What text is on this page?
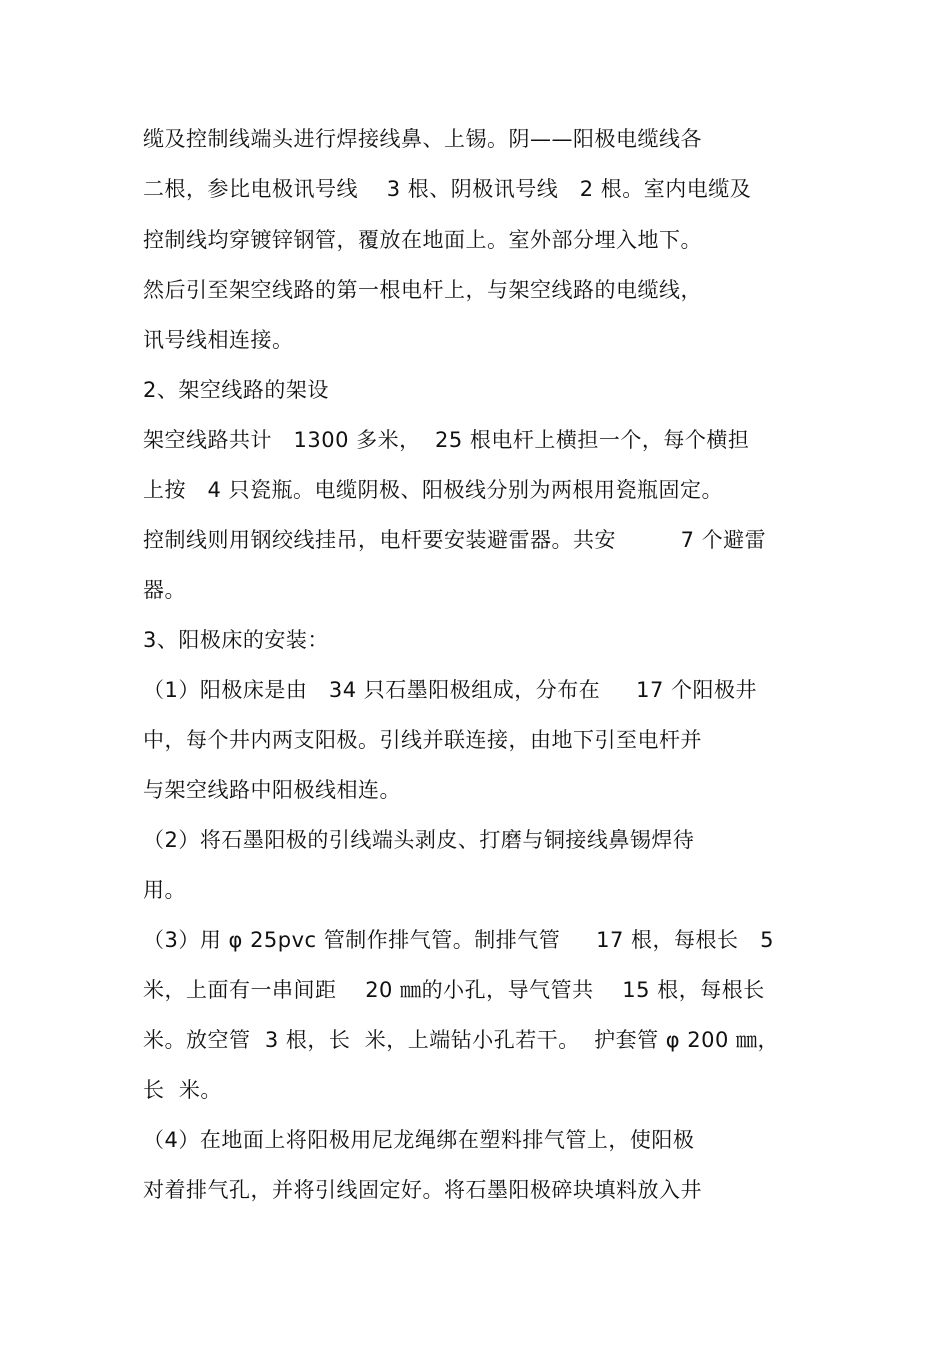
缆及控制线端头进行焊接线鼻、上锡。阴——阳极电缆线各
二根，参比电极讯号线    3 根、阴极讯号线   2 根。室内电缆及
控制线均穿镀锌钢管，覆放在地面上。室外部分埋入地下。
然后引至架空线路的第一根电杆上，与架空线路的电缆线，
讯号线相连接。
2、架空线路的架设
架空线路共计   1300 多米，  25 根电杆上横担一个，每个横担
上按   4 只瓷瓶。电缆阴极、阳极线分别为两根用瓷瓶固定。
控制线则用钢绞线挂吊，电杆要安装避雷器。共安         7 个避雷
器。
3、阳极床的安装：
（1）阳极床是由   34 只石墨阳极组成，分布在     17 个阳极井
中，每个井内两支阳极。引线并联连接，由地下引至电杆并
与架空线路中阳极线相连。
（2）将石墨阳极的引线端头剥皮、打磨与铜接线鼻锡焊待
用。
（3）用 φ 25pvc 管制作排气管。制排气管     17 根，每根长   5
米，上面有一串间距    20 ㎜的小孔，导气管共    15 根，每根长
米。放空管  3 根，长  米，上端钻小孔若干。  护套管 φ 200 ㎜，
长  米。
（4）在地面上将阳极用尼龙绳绑在塑料排气管上，使阳极
对着排气孔，并将引线固定好。将石墨阳极碎块填料放入井
